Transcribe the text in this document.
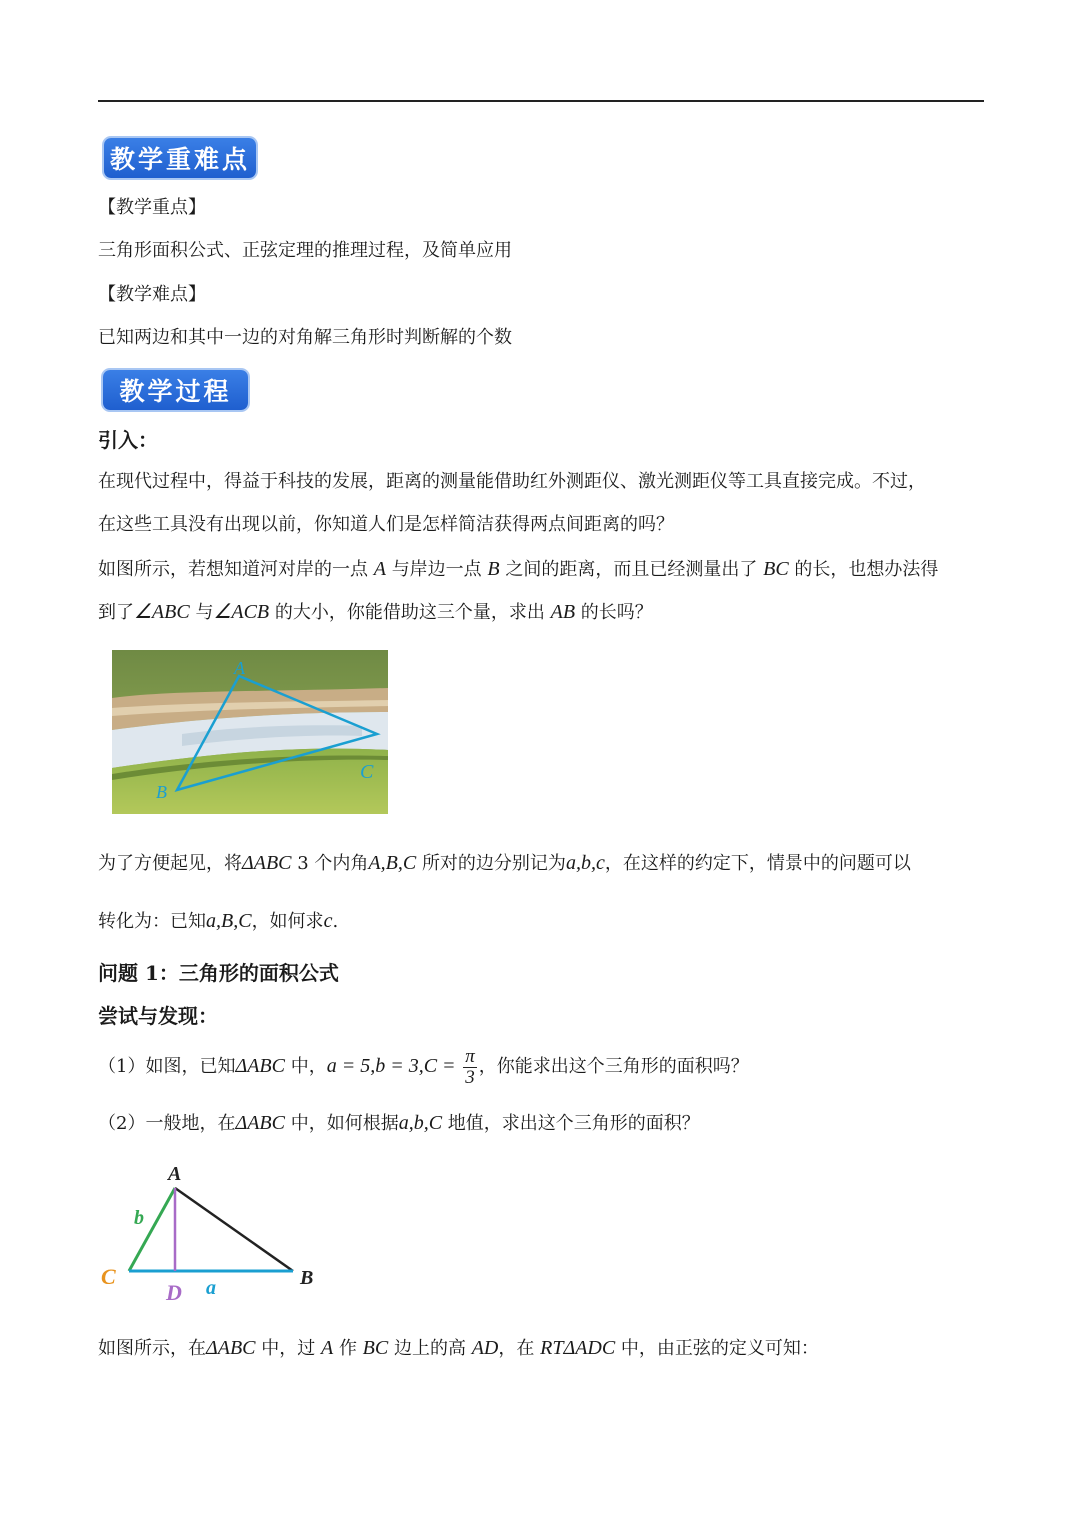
教学重难点
【教学重点】
三角形面积公式、正弦定理的推理过程，及简单应用
【教学难点】
已知两边和其中一边的对角解三角形时判断解的个数
教学过程
引入：
在现代过程中，得益于科技的发展，距离的测量能借助红外测距仪、激光测距仪等工具直接完成。不过，
在这些工具没有出现以前，你知道人们是怎样简洁获得两点间距离的吗？
如图所示，若想知道河对岸的一点 A 与岸边一点 B 之间的距离，而且已经测量出了 BC 的长，也想办法得
到了∠ABC 与∠ACB 的大小，你能借助这三个量，求出 AB 的长吗？
A
B
C
为了方便起见，将ΔABC 3 个内角A,B,C 所对的边分别记为a,b,c，在这样的约定下，情景中的问题可以
转化为：已知a,B,C，如何求c.
问题 1：三角形的面积公式
尝试与发现：
（1）如图，已知ΔABC 中，$a = 5,b = 3,C = \frac{\pi}{3}$ ，你能求出这个三角形的面积吗？
（2）一般地，在ΔABC 中，如何根据a,b,C 地值，求出这个三角形的面积？
A
B
C
D a
b
如图所示，在ΔABC 中，过 A 作 BC 边上的高 AD，在 RTΔADC 中，由正弦的定义可知：
